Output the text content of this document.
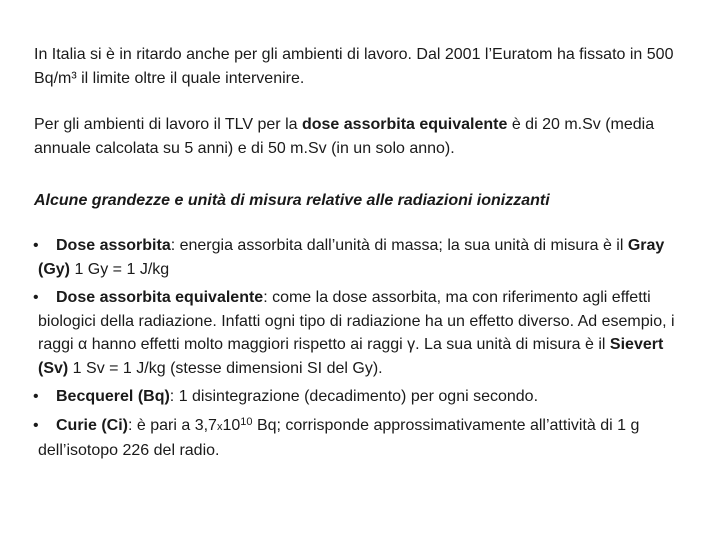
In Italia si è in ritardo anche per gli ambienti di lavoro. Dal 2001 l’Euratom ha fissato in 500 Bq/m³ il limite oltre il quale intervenire.

Per gli ambienti di lavoro il TLV per la dose assorbita equivalente è di 20 m.Sv (media annuale calcolata su 5 anni) e di 50 m.Sv (in un solo anno).

Alcune grandezze e unità di misura relative alle radiazioni ionizzanti

• Dose assorbita: energia assorbita dall’unità di massa; la sua unità di misura è il Gray (Gy) 1 Gy = 1 J/kg
• Dose assorbita equivalente: come la dose assorbita, ma con riferimento agli effetti biologici della radiazione. Infatti ogni tipo di radiazione ha un effetto diverso. Ad esempio, i raggi α hanno effetti molto maggiori rispetto ai raggi γ. La sua unità di misura è il Sievert (Sv) 1 Sv = 1 J/kg (stesse dimensioni SI del Gy).
• Becquerel (Bq): 1 disintegrazione (decadimento) per ogni secondo.
• Curie (Ci): è pari a $3,7x10^{10}$ Bq; corrisponde approssimativamente all’attività di 1 g dell’isotopo 226 del radio.
